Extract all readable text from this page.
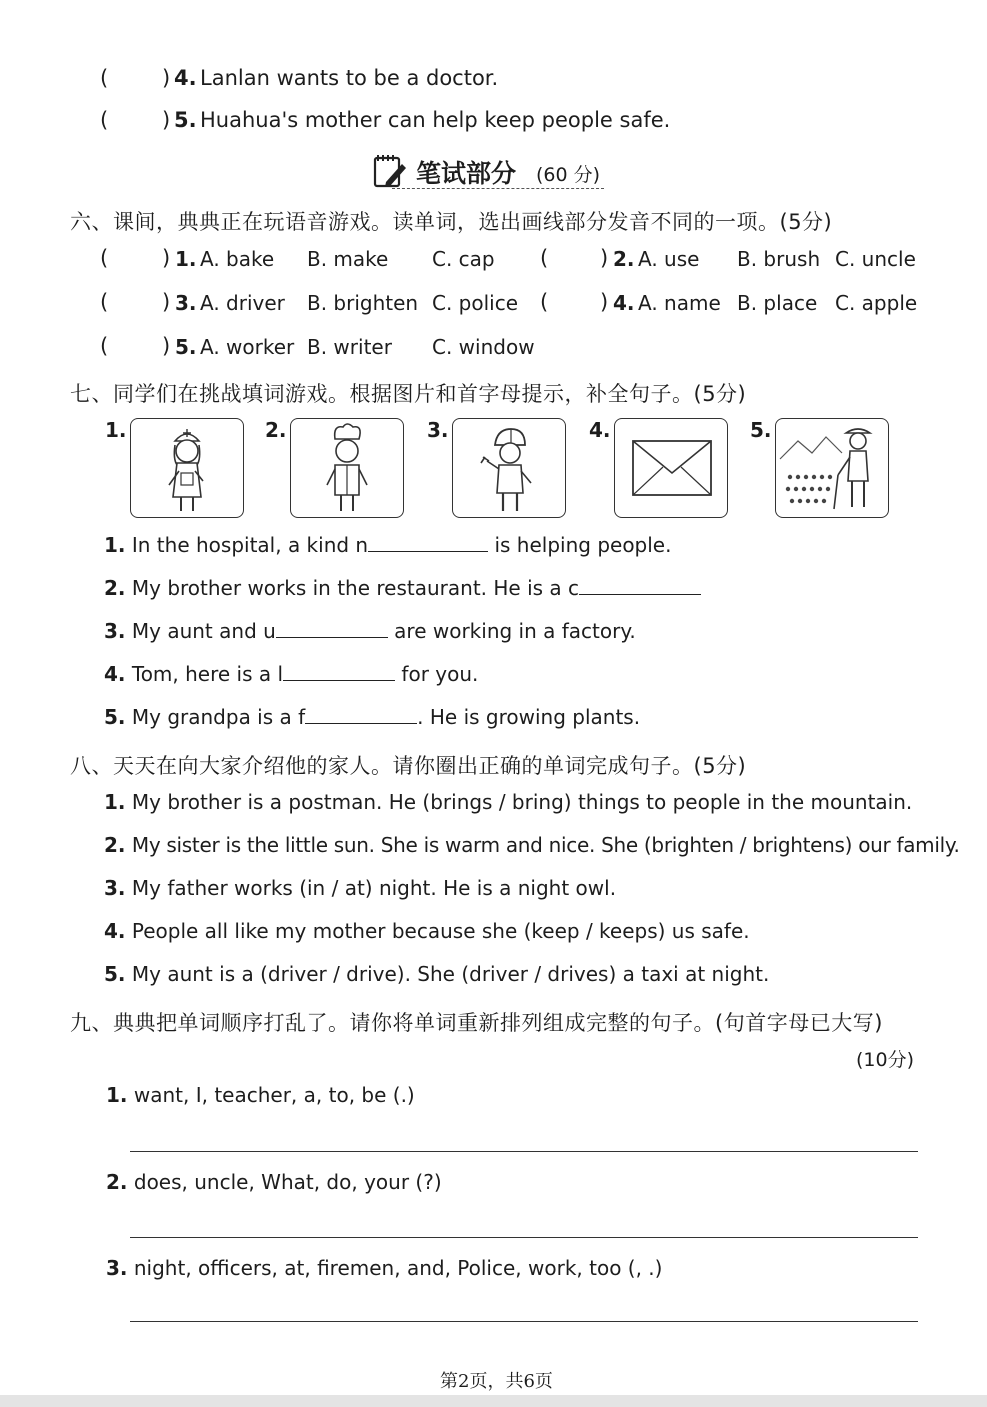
(	) 4. Lanlan wants to be a doctor.
(	) 5. Huahua's mother can help keep people safe.
笔试部分 (60 分)
六、课间，典典正在玩语音游戏。读单词，选出画线部分发音不同的一项。(5分)
(	) 1. A. bake B. make C. cap ( ) 2. A. use B. brush C. uncle
(	) 3. A. driver B. brighten C. police ( ) 4. A. name B. place C. apple
(	) 5. A. worker B. writer C. window
七、同学们在挑战填词游戏。根据图片和首字母提示，补全句子。(5分)
1.	2.	3.	4.	5.
1. In the hospital, a kind n	is helping people.
2. My brother works in the restaurant. He is a c
3. My aunt and u	are working in a factory.
4. Tom, here is a l	for you.
5. My grandpa is a f	. He is growing plants.
八、天天在向大家介绍他的家人。请你圈出正确的单词完成句子。(5分)
1. My brother is a postman. He (brings / bring) things to people in the mountain.
2. My sister is the little sun. She is warm and nice. She (brighten / brightens) our family.
3. My father works (in / at) night. He is a night owl.
4. People all like my mother because she (keep / keeps) us safe.
5. My aunt is a (driver / drive). She (driver / drives) a taxi at night.
九、典典把单词顺序打乱了。请你将单词重新排列组成完整的句子。(句首字母已大写)
(10分)
1. want, I, teacher, a, to, be (.)
2. does, uncle, What, do, your (?)
3. night, officers, at, firemen, and, Police, work, too (, .)
第2页，共6页
